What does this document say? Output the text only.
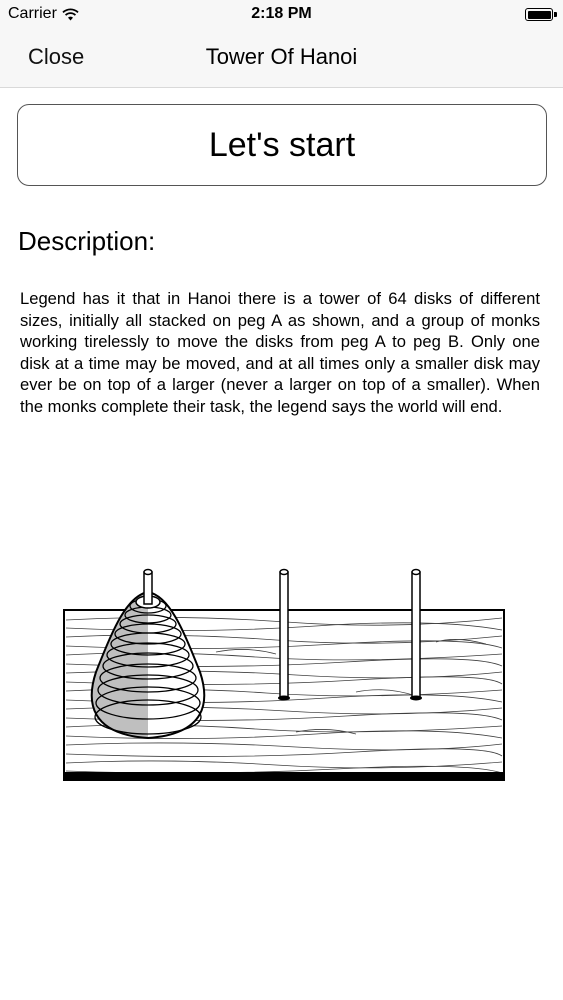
Carrier	2:18 PM
Close	Tower Of Hanoi
Let's start
Description:
Legend has it that in Hanoi there is a tower of 64 disks of different sizes, initially all stacked on peg A as shown, and a group of monks working tirelessly to move the disks from peg A to peg B. Only one disk at a time may be moved, and at all times only a smaller disk may ever be on top of a larger (never a larger on top of a smaller). When the monks complete their task, the legend says the world will end.
